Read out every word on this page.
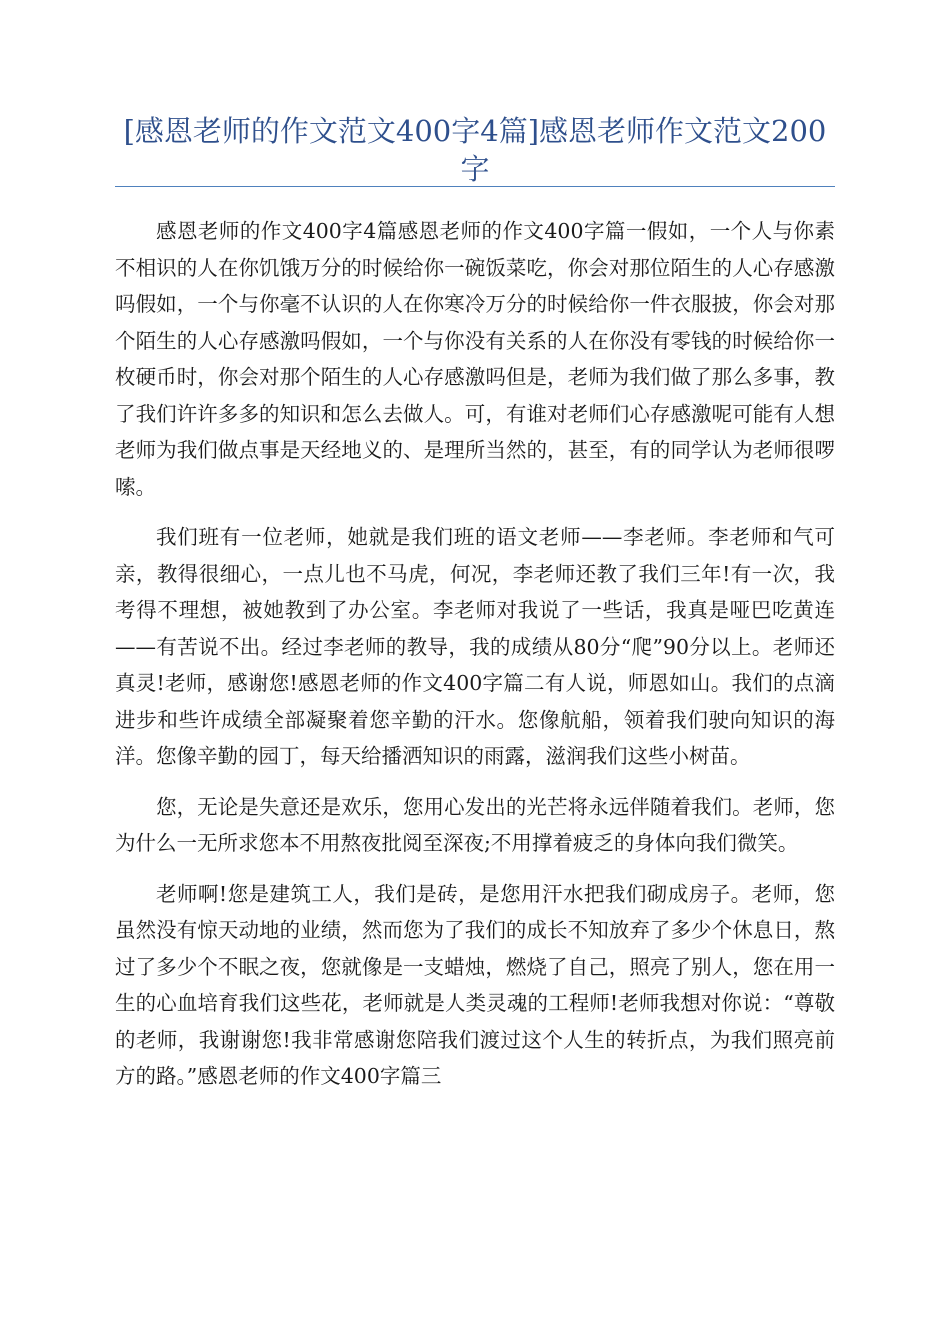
[感恩老师的作文范文400字4篇]感恩老师作文范文200字

感恩老师的作文400字4篇感恩老师的作文400字篇一假如，一个人与你素不相识的人在你饥饿万分的时候给你一碗饭菜吃，你会对那位陌生的人心存感激吗假如，一个与你毫不认识的人在你寒冷万分的时候给你一件衣服披，你会对那个陌生的人心存感激吗假如，一个与你没有关系的人在你没有零钱的时候给你一枚硬币时，你会对那个陌生的人心存感激吗但是，老师为我们做了那么多事，教了我们许许多多的知识和怎么去做人。可，有谁对老师们心存感激呢可能有人想老师为我们做点事是天经地义的、是理所当然的，甚至，有的同学认为老师很啰嗦。

我们班有一位老师，她就是我们班的语文老师——李老师。李老师和气可亲，教得很细心，一点儿也不马虎，何况，李老师还教了我们三年!有一次，我考得不理想，被她教到了办公室。李老师对我说了一些话，我真是哑巴吃黄连——有苦说不出。经过李老师的教导，我的成绩从80分“爬”90分以上。老师还真灵!老师，感谢您!感恩老师的作文400字篇二有人说，师恩如山。我们的点滴进步和些许成绩全部凝聚着您辛勤的汗水。您像航船，领着我们驶向知识的海洋。您像辛勤的园丁，每天给播洒知识的雨露，滋润我们这些小树苗。

您，无论是失意还是欢乐，您用心发出的光芒将永远伴随着我们。老师，您为什么一无所求您本不用熬夜批阅至深夜;不用撑着疲乏的身体向我们微笑。

老师啊!您是建筑工人，我们是砖，是您用汗水把我们砌成房子。老师，您虽然没有惊天动地的业绩，然而您为了我们的成长不知放弃了多少个休息日，熬过了多少个不眠之夜，您就像是一支蜡烛，燃烧了自己，照亮了别人，您在用一生的心血培育我们这些花，老师就是人类灵魂的工程师!老师我想对你说：“尊敬的老师，我谢谢您!我非常感谢您陪我们渡过这个人生的转折点，为我们照亮前方的路。”感恩老师的作文400字篇三
